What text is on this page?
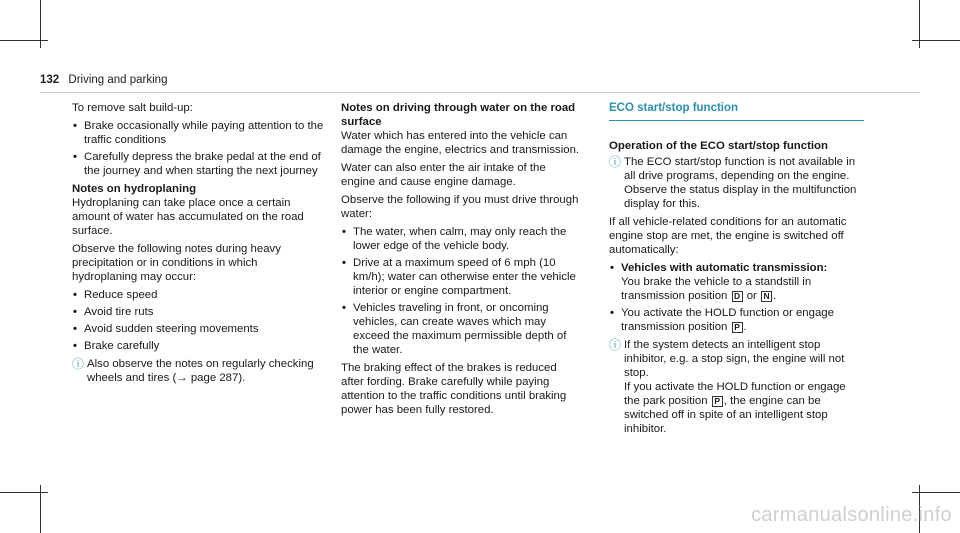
132 Driving and parking

To remove salt build-up:

• Brake occasionally while paying attention to the traffic conditions
• Carefully depress the brake pedal at the end of the journey and when starting the next journey

Notes on hydroplaning

Hydroplaning can take place once a certain amount of water has accumulated on the road surface.

Observe the following notes during heavy precipitation or in conditions in which hydroplaning may occur:

• Reduce speed
• Avoid tire ruts
• Avoid sudden steering movements
• Brake carefully
ⓘ Also observe the notes on regularly checking wheels and tires (→ page 287).

Notes on driving through water on the road surface

Water which has entered into the vehicle can damage the engine, electrics and transmission.

Water can also enter the air intake of the engine and cause engine damage.

Observe the following if you must drive through water:

• The water, when calm, may only reach the lower edge of the vehicle body.
• Drive at a maximum speed of 6 mph (10 km/h); water can otherwise enter the vehicle interior or engine compartment.
• Vehicles traveling in front, or oncoming vehicles, can create waves which may exceed the maximum permissible depth of the water.

The braking effect of the brakes is reduced after fording. Brake carefully while paying attention to the traffic conditions until braking power has been fully restored.

ECO start/stop function

Operation of the ECO start/stop function

ⓘ The ECO start/stop function is not available in all drive programs, depending on the engine. Observe the status display in the multifunction display for this.

If all vehicle-related conditions for an automatic engine stop are met, the engine is switched off automatically:

• Vehicles with automatic transmission:
You brake the vehicle to a standstill in transmission position D or N .
• You activate the HOLD function or engage transmission position P .
ⓘ If the system detects an intelligent stop inhibitor, e.g. a stop sign, the engine will not stop.
If you activate the HOLD function or engage the park position P , the engine can be switched off in spite of an intelligent stop inhibitor.
carmanualsonline.info
